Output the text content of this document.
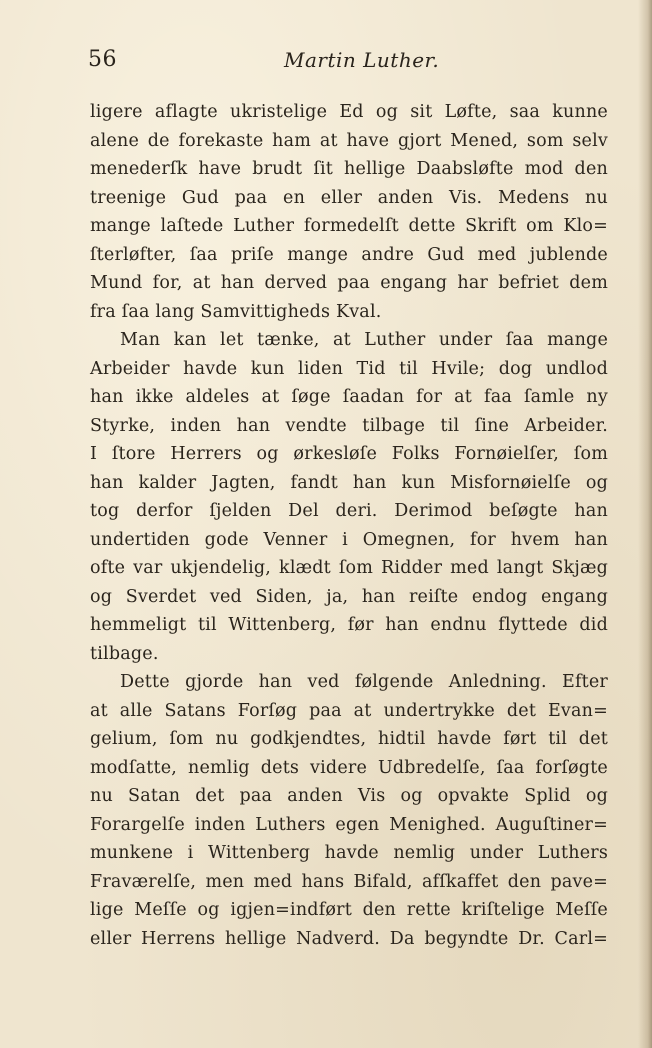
56	Martin Luther.
ligere aflagte ukristelige Ed og sit Løfte, saa kunne
alene de forekaste ham at have gjort Mened, som selv
menederſk have brudt ſit hellige Daabsløfte mod den
treenige Gud paa en eller anden Vis. Medens nu
mange laſtede Luther formedelſt dette Skrift om Klo=
ſterløfter, ſaa priſe mange andre Gud med jublende
Mund for, at han derved paa engang har befriet dem
fra ſaa lang Samvittigheds Kval.
Man kan let tænke, at Luther under ſaa mange
Arbeider havde kun liden Tid til Hvile; dog undlod
han ikke aldeles at ſøge ſaadan for at faa ſamle ny
Styrke, inden han vendte tilbage til ſine Arbeider.
I ſtore Herrers og ørkesløſe Folks Fornøielſer, ſom
han kalder Jagten, fandt han kun Misfornøielſe og
tog derfor ſjelden Del deri. Derimod beſøgte han
undertiden gode Venner i Omegnen, for hvem han
ofte var ukjendelig, klædt ſom Ridder med langt Skjæg
og Sverdet ved Siden, ja, han reiſte endog engang
hemmeligt til Wittenberg, før han endnu flyttede did
tilbage.
Dette gjorde han ved følgende Anledning. Efter
at alle Satans Forſøg paa at undertrykke det Evan=
gelium, ſom nu godkjendtes, hidtil havde ført til det
modſatte, nemlig dets videre Udbredelſe, ſaa forſøgte
nu Satan det paa anden Vis og opvakte Splid og
Forargelſe inden Luthers egen Menighed. Auguſtiner=
munkene i Wittenberg havde nemlig under Luthers
Fraværelſe, men med hans Bifald, afſkaffet den pave=
lige Meſſe og igjen=indført den rette kriſtelige Meſſe
eller Herrens hellige Nadverd. Da begyndte Dr. Carl=
